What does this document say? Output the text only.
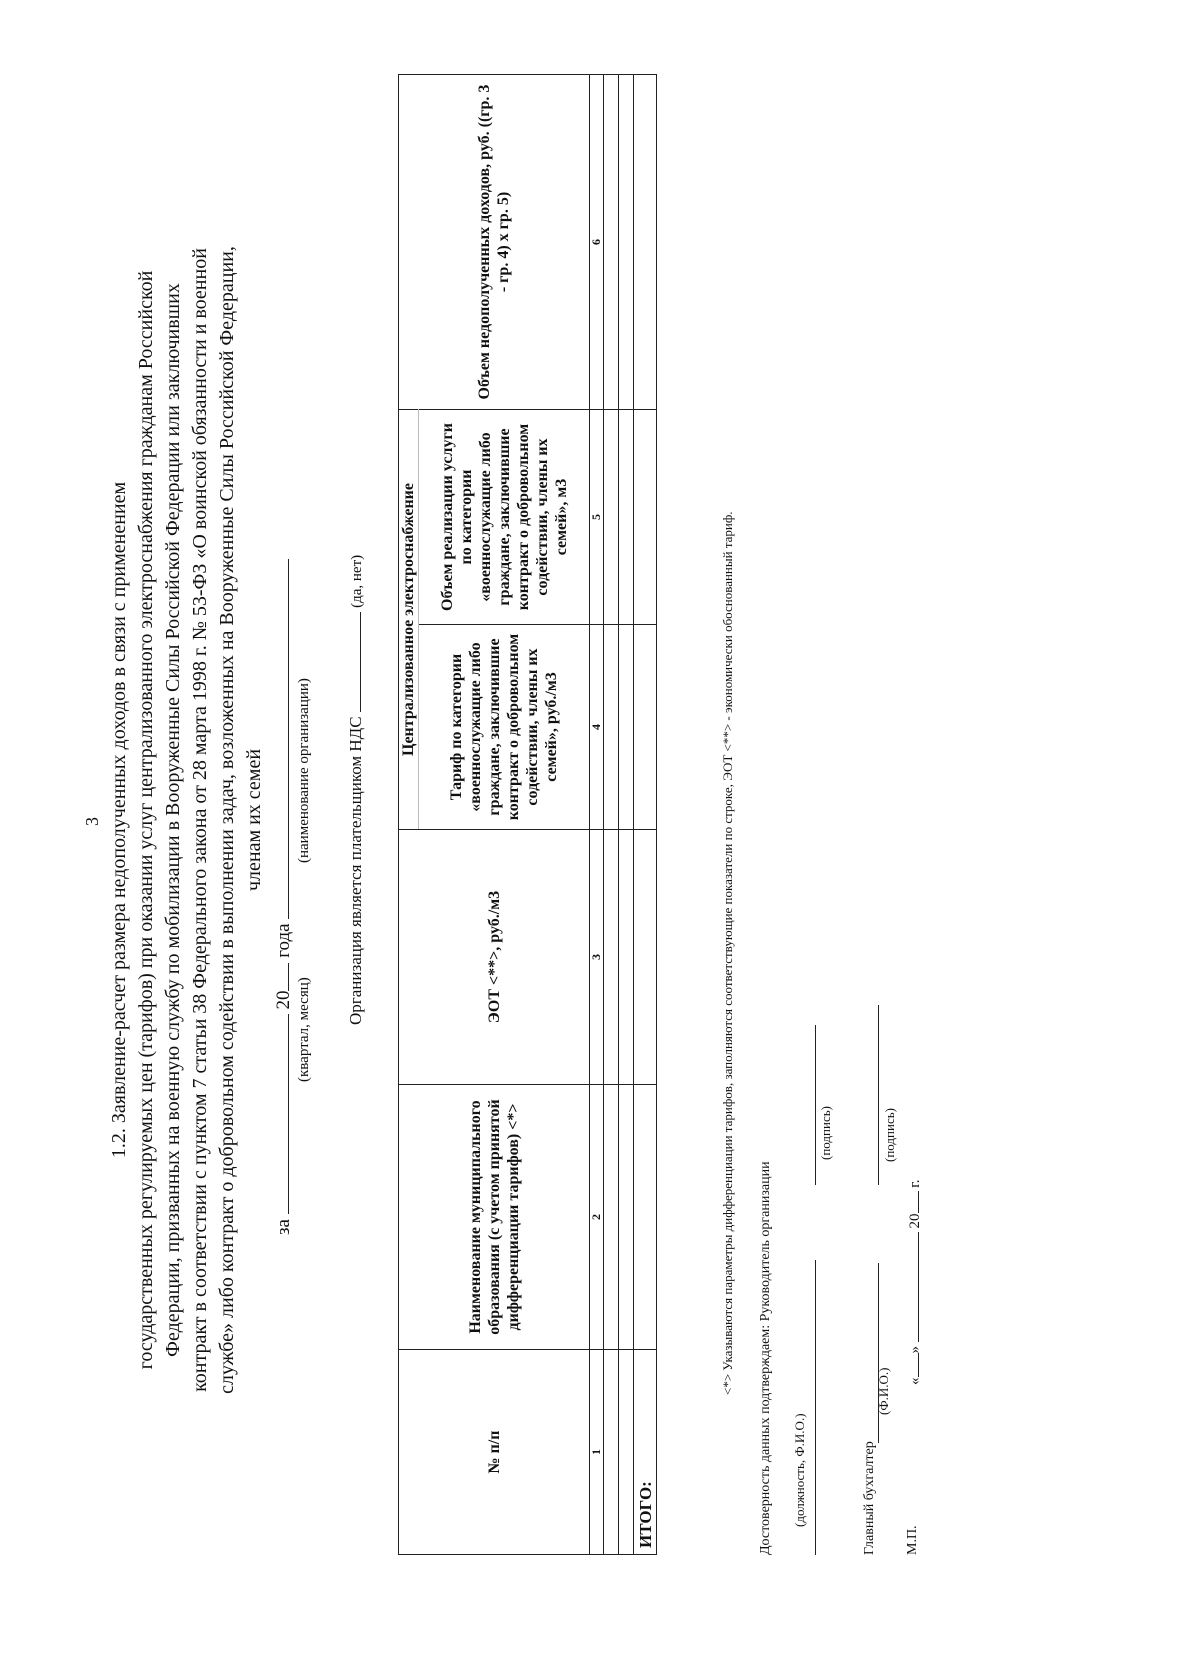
3 1.2. Заявление-расчет размера недополученных доходов в связи с применением государственных регулируемых цен (тарифов) при оказании услуг централизованного электроснабжения гражданам Российской Федерации, призванных на военную службу по мобилизации в Вооруженные Силы Российской Федерации или заключивших контракт в соответствии с пунктом 7 статьи 38 Федерального закона от 28 марта 1998 г. № 53-ФЗ «О воинской обязанности и военной службе» либо контракт о добровольном содействии в выполнении задач, возложенных на Вооруженные Силы Российской Федерации, членам их семей
за  20 года
(квартал, месяц)
(наименование организации) Организация является плательщиком НДС  (да, нет)
№ п/п	Наименование муниципального образования (с учетом принятой дифференциации тарифов) <*>	ЭОТ <**>, руб./м3	Централизованное электроснабжение		Объем недополученных доходов, руб. ((гр. 3 - гр. 4) x гр. 5)
			Тариф по категории «военнослужащие либо граждане, заключившие контракт о добровольном содействии, члены их семей», руб./м3	Объем реализации услуги по категории «военнослужащие либо граждане, заключившие контракт о добровольном содействии, члены их семей», м3	
1	2	3	4	5	6

ИТОГО:					
<*> Указываются параметры дифференциации тарифов, заполняются соответствующие показатели по строке, ЭОТ <**> - экономически обоснованный тариф. Достоверность данных подтверждаем: Руководитель организации (должность, Ф.И.О.)
(подпись)
Главный бухгалтер
(Ф.И.О.)
(подпись)
М.П.
«»  20 г.
